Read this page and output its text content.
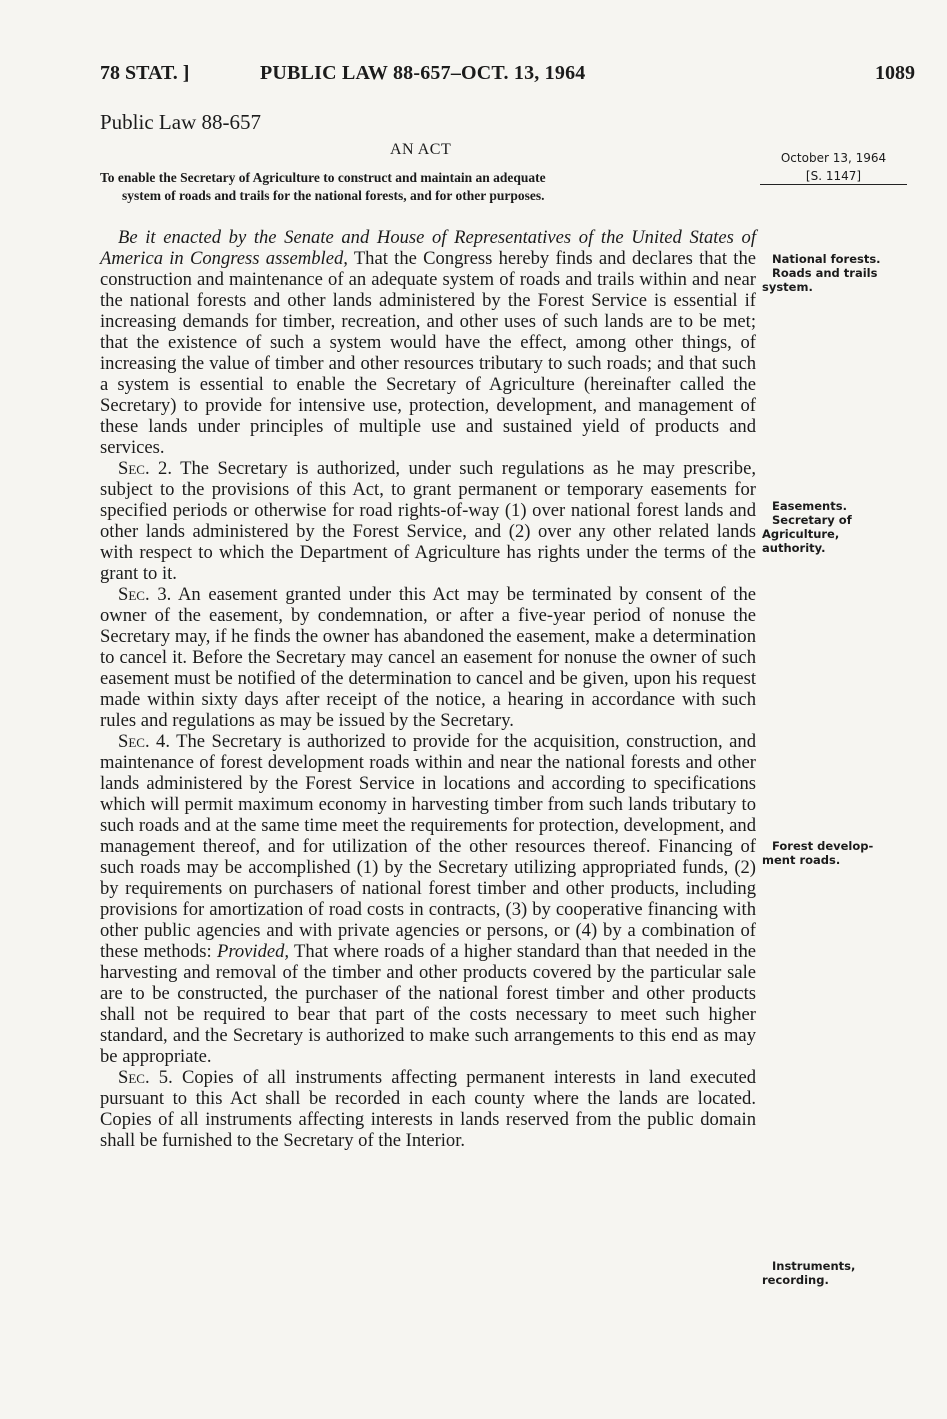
78 STAT. ]	PUBLIC LAW 88-657–OCT. 13, 1964	1089
Public Law 88-657
AN ACT
To enable the Secretary of Agriculture to construct and maintain an adequate
system of roads and trails for the national forests, and for other purposes.
October 13, 1964
[S. 1147]

Be it enacted by the Senate and House of Representatives of the United States of America in Congress assembled, That the Congress hereby finds and declares that the construction and maintenance of an adequate system of roads and trails within and near the national forests and other lands administered by the Forest Service is essential if increasing demands for timber, recreation, and other uses of such lands are to be met; that the existence of such a system would have the effect, among other things, of increasing the value of timber and other resources tributary to such roads; and that such a system is essential to enable the Secretary of Agriculture (hereinafter called the Secretary) to provide for intensive use, protection, development, and management of these lands under principles of multiple use and sustained yield of products and services.

Sec. 2. The Secretary is authorized, under such regulations as he may prescribe, subject to the provisions of this Act, to grant permanent or temporary easements for specified periods or otherwise for road rights-of-way (1) over national forest lands and other lands administered by the Forest Service, and (2) over any other related lands with respect to which the Department of Agriculture has rights under the terms of the grant to it.

Sec. 3. An easement granted under this Act may be terminated by consent of the owner of the easement, by condemnation, or after a five-year period of nonuse the Secretary may, if he finds the owner has abandoned the easement, make a determination to cancel it. Before the Secretary may cancel an easement for nonuse the owner of such easement must be notified of the determination to cancel and be given, upon his request made within sixty days after receipt of the notice, a hearing in accordance with such rules and regulations as may be issued by the Secretary.

Sec. 4. The Secretary is authorized to provide for the acquisition, construction, and maintenance of forest development roads within and near the national forests and other lands administered by the Forest Service in locations and according to specifications which will permit maximum economy in harvesting timber from such lands tributary to such roads and at the same time meet the requirements for protection, development, and management thereof, and for utilization of the other resources thereof. Financing of such roads may be accomplished (1) by the Secretary utilizing appropriated funds, (2) by requirements on purchasers of national forest timber and other products, including provisions for amortization of road costs in contracts, (3) by cooperative financing with other public agencies and with private agencies or persons, or (4) by a combination of these methods: Provided, That where roads of a higher standard than that needed in the harvesting and removal of the timber and other products covered by the particular sale are to be constructed, the purchaser of the national forest timber and other products shall not be required to bear that part of the costs necessary to meet such higher standard, and the Secretary is authorized to make such arrangements to this end as may be appropriate.

Sec. 5. Copies of all instruments affecting permanent interests in land executed pursuant to this Act shall be recorded in each county where the lands are located. Copies of all instruments affecting interests in lands reserved from the public domain shall be furnished to the Secretary of the Interior.

National forests.
Roads and trails
system.
Easements.
Secretary of
Agriculture,
authority.
Forest develop-
ment roads.
Instruments,
recording.
